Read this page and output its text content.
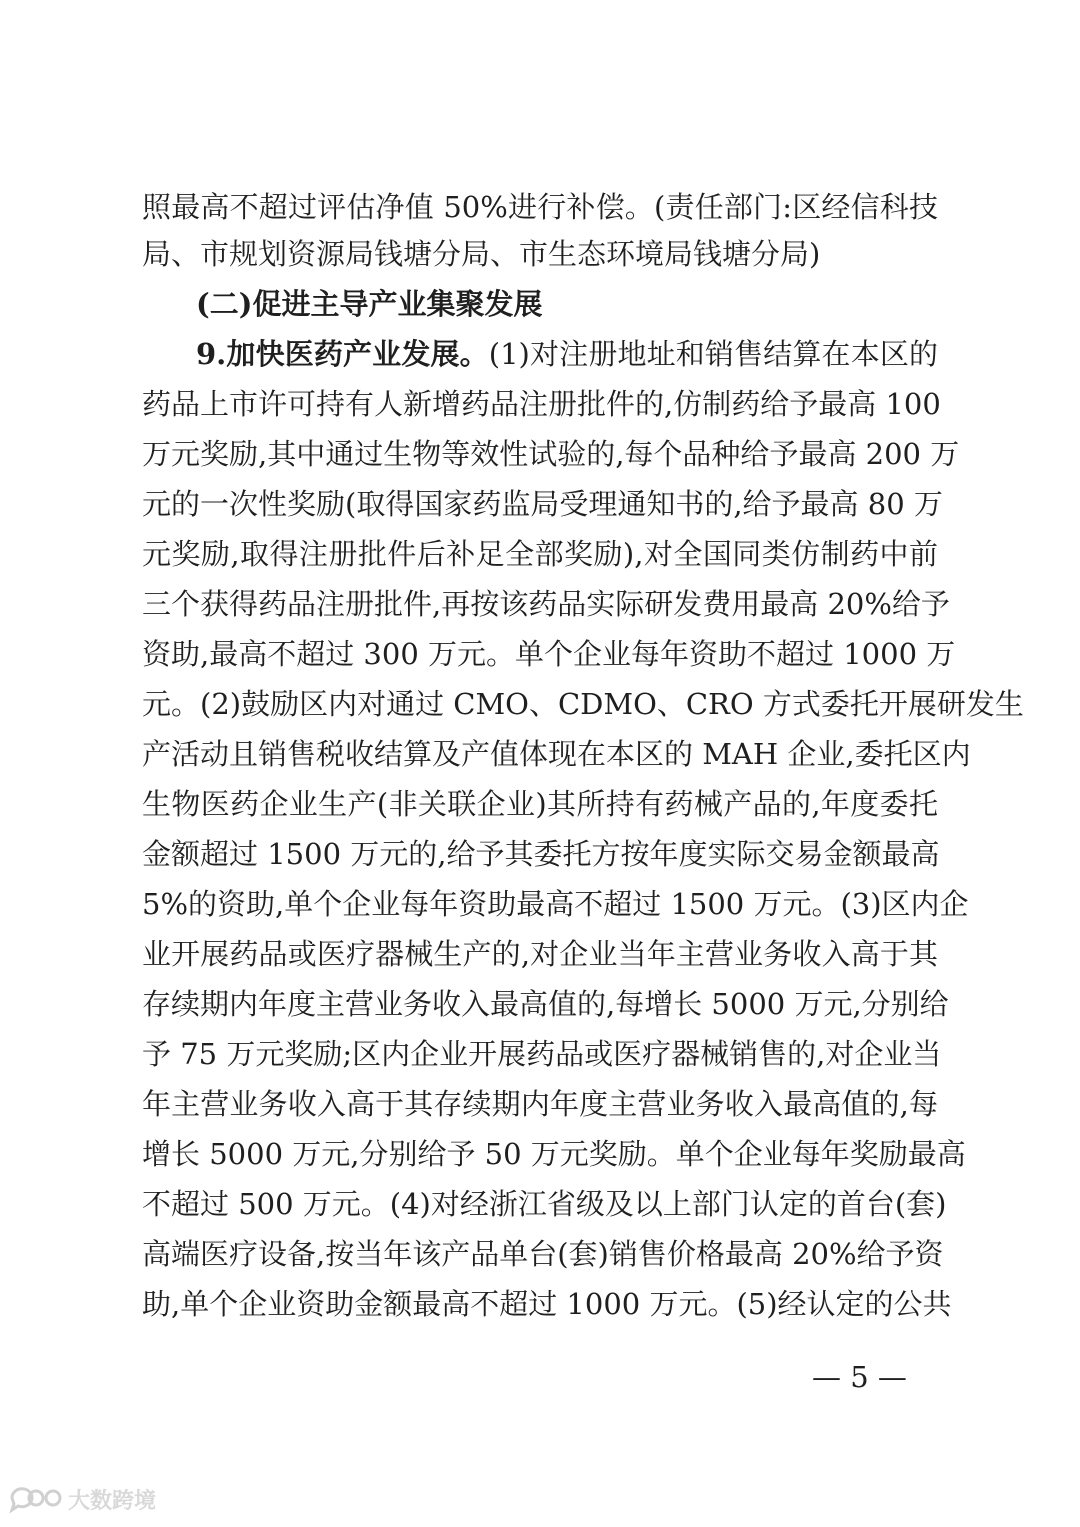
照最高不超过评估净值 50%进行补偿。(责任部门:区经信科技
局、市规划资源局钱塘分局、市生态环境局钱塘分局)
(二)促进主导产业集聚发展
9.加快医药产业发展。(1)对注册地址和销售结算在本区的
药品上市许可持有人新增药品注册批件的,仿制药给予最高 100
万元奖励,其中通过生物等效性试验的,每个品种给予最高 200 万
元的一次性奖励(取得国家药监局受理通知书的,给予最高 80 万
元奖励,取得注册批件后补足全部奖励),对全国同类仿制药中前
三个获得药品注册批件,再按该药品实际研发费用最高 20%给予
资助,最高不超过 300 万元。单个企业每年资助不超过 1000 万
元。(2)鼓励区内对通过 CMO、CDMO、CRO 方式委托开展研发生
产活动且销售税收结算及产值体现在本区的 MAH 企业,委托区内
生物医药企业生产(非关联企业)其所持有药械产品的,年度委托
金额超过 1500 万元的,给予其委托方按年度实际交易金额最高
5%的资助,单个企业每年资助最高不超过 1500 万元。(3)区内企
业开展药品或医疗器械生产的,对企业当年主营业务收入高于其
存续期内年度主营业务收入最高值的,每增长 5000 万元,分别给
予 75 万元奖励;区内企业开展药品或医疗器械销售的,对企业当
年主营业务收入高于其存续期内年度主营业务收入最高值的,每
增长 5000 万元,分别给予 50 万元奖励。单个企业每年奖励最高
不超过 500 万元。(4)对经浙江省级及以上部门认定的首台(套)
高端医疗设备,按当年该产品单台(套)销售价格最高 20%给予资
助,单个企业资助金额最高不超过 1000 万元。(5)经认定的公共
— 5 —
大数跨境
